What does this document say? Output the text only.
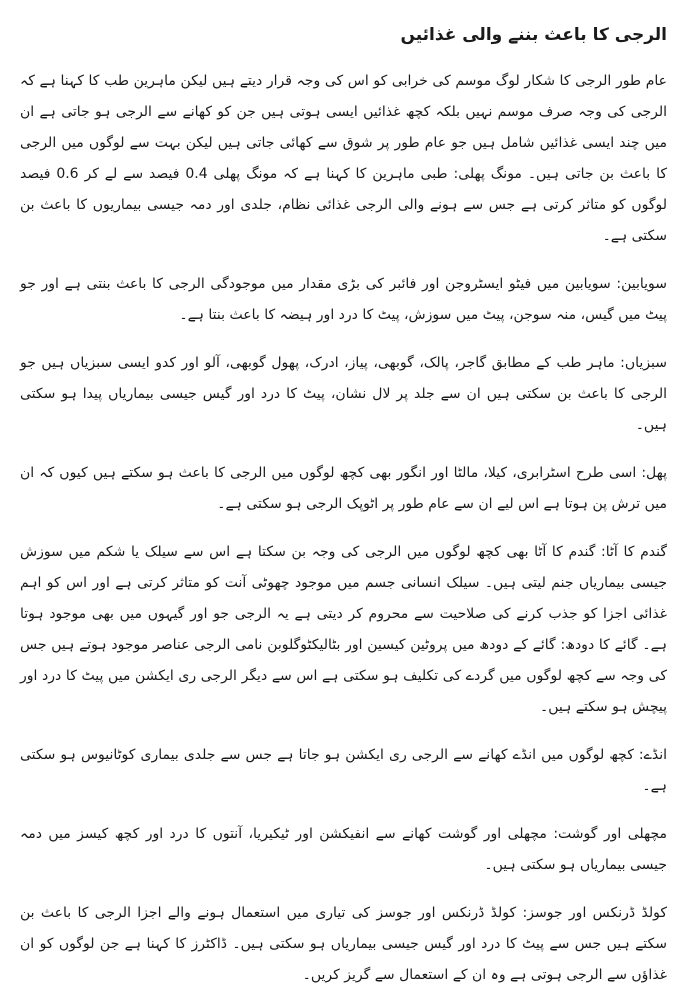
الرجی کا باعث بننے والی غذائیں

عام طور الرجی کا شکار لوگ موسم کی خرابی کو اس کی وجہ قرار دیتے ہیں لیکن ماہرین طب کا کہنا ہے کہ الرجی کی وجہ صرف موسم نہیں بلکہ کچھ غذائیں ایسی ہوتی ہیں جن کو کھانے سے الرجی ہو جاتی ہے ان میں چند ایسی غذائیں شامل ہیں جو عام طور پر شوق سے کھائی جاتی ہیں لیکن بہت سے لوگوں میں الرجی کا باعث بن جاتی ہیں۔ مونگ پھلی: طبی ماہرین کا کہنا ہے کہ مونگ پھلی 0.4 فیصد سے لے کر 0.6 فیصد لوگوں کو متاثر کرتی ہے جس سے ہونے والی الرجی غذائی نظام، جلدی اور دمہ جیسی بیماریوں کا باعث بن سکتی ہے۔

سویابین: سویابین میں فیٹو ایسٹروجن اور فائبر کی بڑی مقدار میں موجودگی الرجی کا باعث بنتی ہے اور جو پیٹ میں گیس، منہ سوجن، پیٹ میں سوزش، پیٹ کا درد اور ہیضہ کا باعث بنتا ہے۔

سبزیاں: ماہر طب کے مطابق گاجر، پالک، گوبھی، پیاز، ادرک، پھول گوبھی، آلو اور کدو ایسی سبزیاں ہیں جو الرجی کا باعث بن سکتی ہیں ان سے جلد پر لال نشان، پیٹ کا درد اور گیس جیسی بیماریاں پیدا ہو سکتی ہیں۔

پھل: اسی طرح اسٹرابری، کیلا، مالٹا اور انگور بھی کچھ لوگوں میں الرجی کا باعث ہو سکتے ہیں کیوں کہ ان میں ترش پن ہوتا ہے اس لیے ان سے عام طور پر اٹوپک الرجی ہو سکتی ہے۔

گندم کا آٹا: گندم کا آٹا بھی کچھ لوگوں میں الرجی کی وجہ بن سکتا ہے اس سے سیلک یا شکم میں سوزش جیسی بیماریاں جنم لیتی ہیں۔ سیلک انسانی جسم میں موجود چھوٹی آنت کو متاثر کرتی ہے اور اس کو اہم غذائی اجزا کو جذب کرنے کی صلاحیت سے محروم کر دیتی ہے یہ الرجی جو اور گیہوں میں بھی موجود ہوتا ہے۔ گائے کا دودھ: گائے کے دودھ میں پروٹین کیسین اور بٹالیکٹوگلوبن نامی الرجی عناصر موجود ہوتے ہیں جس کی وجہ سے کچھ لوگوں میں گردے کی تکلیف ہو سکتی ہے اس سے دیگر الرجی ری ایکشن میں پیٹ کا درد اور پیچش ہو سکتے ہیں۔

انڈے: کچھ لوگوں میں انڈے کھانے سے الرجی ری ایکشن ہو جاتا ہے جس سے جلدی بیماری کوٹانیوس ہو سکتی ہے۔

مچھلی اور گوشت: مچھلی اور گوشت کھانے سے انفیکشن اور ٹیکیریا، آنتوں کا درد اور کچھ کیسز میں دمہ جیسی بیماریاں ہو سکتی ہیں۔

کولڈ ڈرنکس اور جوسز: کولڈ ڈرنکس اور جوسز کی تیاری میں استعمال ہونے والے اجزا الرجی کا باعث بن سکتے ہیں جس سے پیٹ کا درد اور گیس جیسی بیماریاں ہو سکتی ہیں۔ ڈاکٹرز کا کہنا ہے جن لوگوں کو ان غذاؤں سے الرجی ہوتی ہے وہ ان کے استعمال سے گریز کریں۔
